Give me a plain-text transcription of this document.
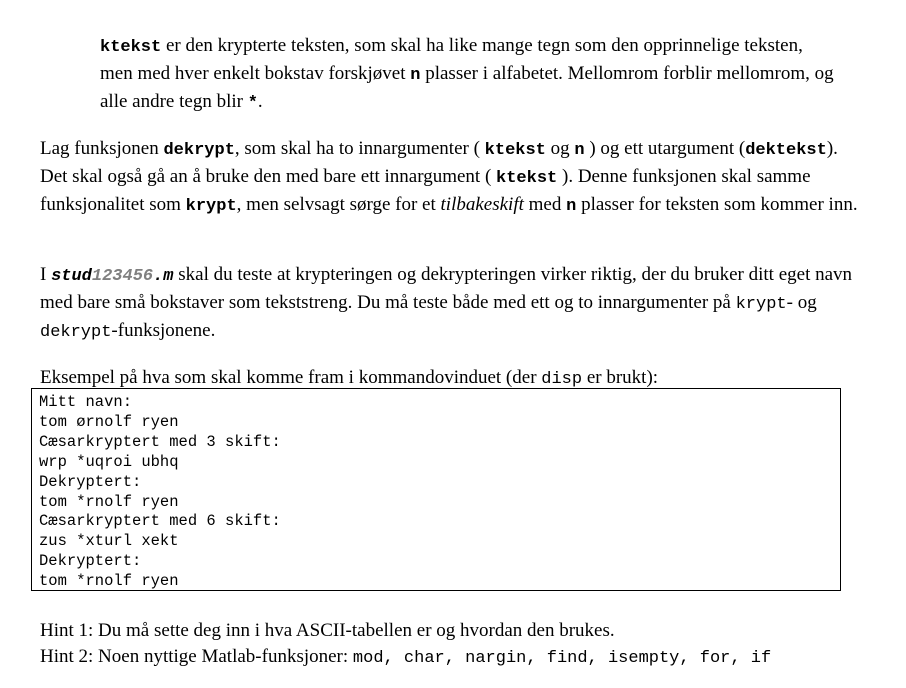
ktekst er den krypterte teksten, som skal ha like mange tegn som den opprinnelige teksten, men med hver enkelt bokstav forskjøvet n plasser i alfabetet. Mellomrom forblir mellomrom, og alle andre tegn blir *.

Lag funksjonen dekrypt, som skal ha to innargumenter ( ktekst og n ) og ett utargument (dektekst). Det skal også gå an å bruke den med bare ett innargument ( ktekst ). Denne funksjonen skal samme funksjonalitet som krypt, men selvsagt sørge for et tilbakeskift med n plasser for teksten som kommer inn.

I stud123456.m skal du teste at krypteringen og dekrypteringen virker riktig, der du bruker ditt eget navn med bare små bokstaver som tekststreng. Du må teste både med ett og to innargumenter på krypt- og dekrypt-funksjonene.

Eksempel på hva som skal komme fram i kommandovinduet (der disp er brukt):

Mitt navn:
tom ørnolf ryen
Cæsarkryptert med 3 skift:
wrp *uqroi ubhq
Dekryptert:
tom *rnolf ryen
Cæsarkryptert med 6 skift:
zus *xturl xekt
Dekryptert:
tom *rnolf ryen
Hint 1: Du må sette deg inn i hva ASCII-tabellen er og hvordan den brukes.
Hint 2: Noen nyttige Matlab-funksjoner: mod, char, nargin, find, isempty, for, if
